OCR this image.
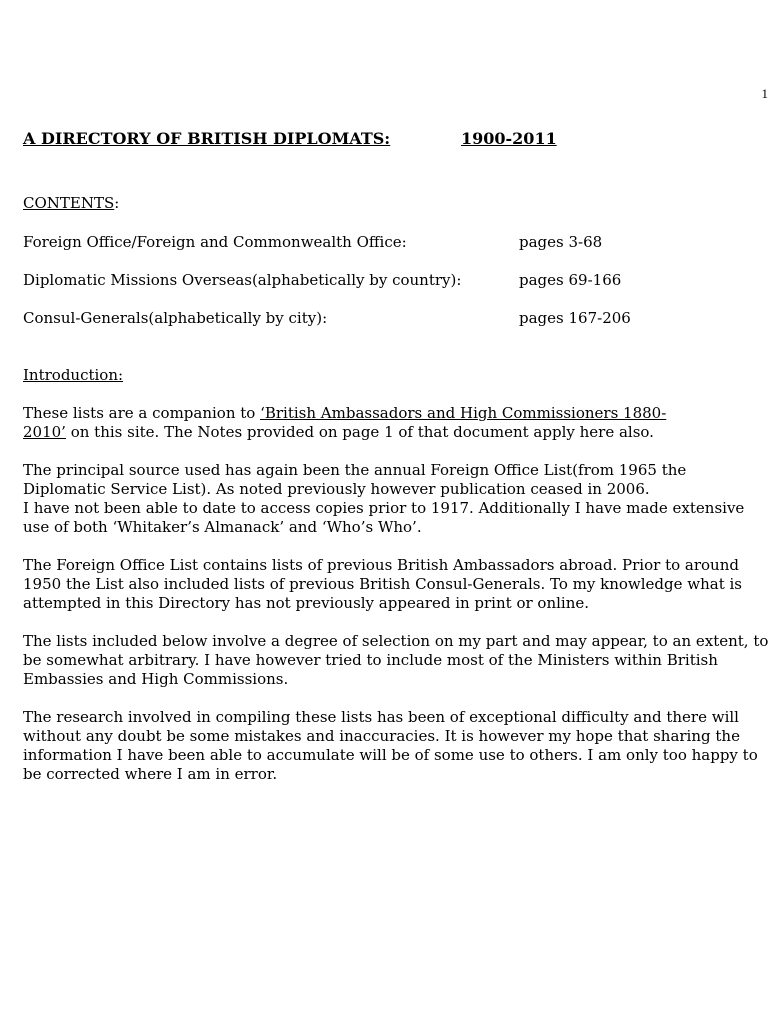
1
A DIRECTORY OF BRITISH DIPLOMATS:	1900-2011
CONTENTS:
Foreign Office/Foreign and Commonwealth Office:	pages 3-68
Diplomatic Missions Overseas(alphabetically by country):	pages 69-166
Consul-Generals(alphabetically by city):	pages 167-206
Introduction:
These lists are a companion to ‘British Ambassadors and High Commissioners 1880-
2010’ on this site. The Notes provided on page 1 of that document apply here also.
The principal source used has again been the annual Foreign Office List(from 1965 the
Diplomatic Service List). As noted previously however publication ceased in 2006.
I have not been able to date to access copies prior to 1917. Additionally I have made extensive
use of both ‘Whitaker’s Almanack’ and ‘Who’s Who’.
The Foreign Office List contains lists of previous British Ambassadors abroad. Prior to around
1950 the List also included lists of previous British Consul-Generals. To my knowledge what is
attempted in this Directory has not previously appeared in print or online.
The lists included below involve a degree of selection on my part and may appear, to an extent, to
be somewhat arbitrary. I have however tried to include most of the Ministers within British
Embassies and High Commissions.
The research involved in compiling these lists has been of exceptional difficulty and there will
without any doubt be some mistakes and inaccuracies. It is however my hope that sharing the
information I have been able to accumulate will be of some use to others. I am only too happy to
be corrected where I am in error.
